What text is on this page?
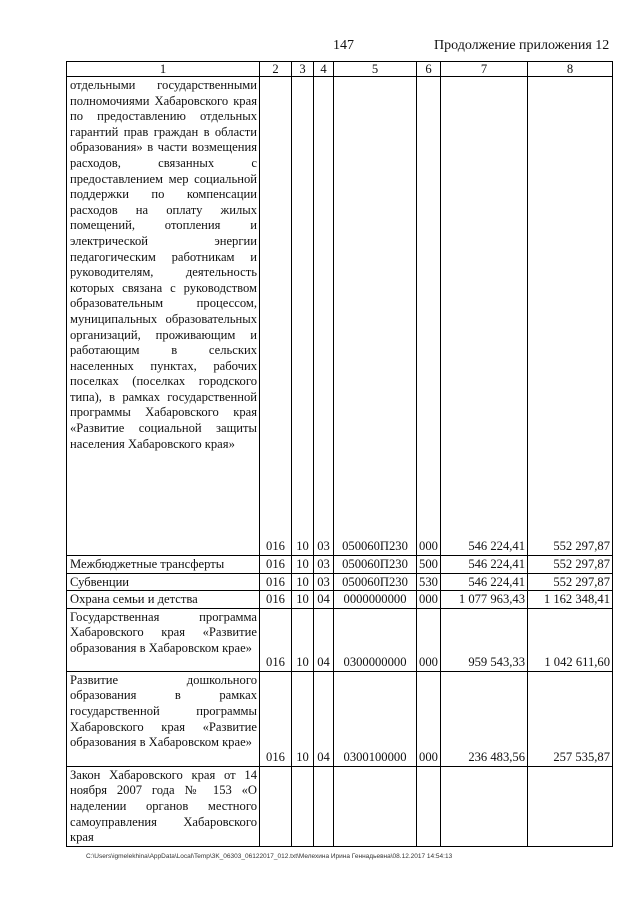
147	Продолжение приложения 12
1	2	3	4	5	6	7	8
отдельными государственными полномочиями Хабаровского края по предоставлению отдельных гарантий прав граждан в области образования» в части возмещения расходов, связанных с предоставлением мер социальной поддержки по компенсации расходов на оплату жилых помещений, отопления и электрической энергии педагогическим работникам и руководителям, деятельность которых связана с руководством образовательным процессом, муниципальных образовательных организаций, проживающим и работающим в сельских населенных пунктах, рабочих поселках (поселках городского типа), в рамках государственной программы Хабаровского края «Развитие социальной защиты населения Хабаровского края»	016	10	03	050060П230	000	546 224,41	552 297,87
Межбюджетные трансферты	016	10	03	050060П230	500	546 224,41	552 297,87
Субвенции	016	10	03	050060П230	530	546 224,41	552 297,87
Охрана семьи и детства	016	10	04	0000000000	000	1 077 963,43	1 162 348,41
Государственная программа Хабаровского края «Развитие образования в Хабаровском крае»	016	10	04	0300000000	000	959 543,33	1 042 611,60
Развитие дошкольного образования в рамках государственной программы Хабаровского края «Развитие образования в Хабаровском крае»	016	10	04	0300100000	000	236 483,56	257 535,87
Закон Хабаровского края от 14 ноября 2007 года № 153 «О наделении органов местного самоуправления Хабаровского края							
C:\Users\igmelekhina\AppData\Local\Temp\3K_06303_06122017_012.txt\Мелехина Ирина Геннадьевна\08.12.2017 14:54:13
